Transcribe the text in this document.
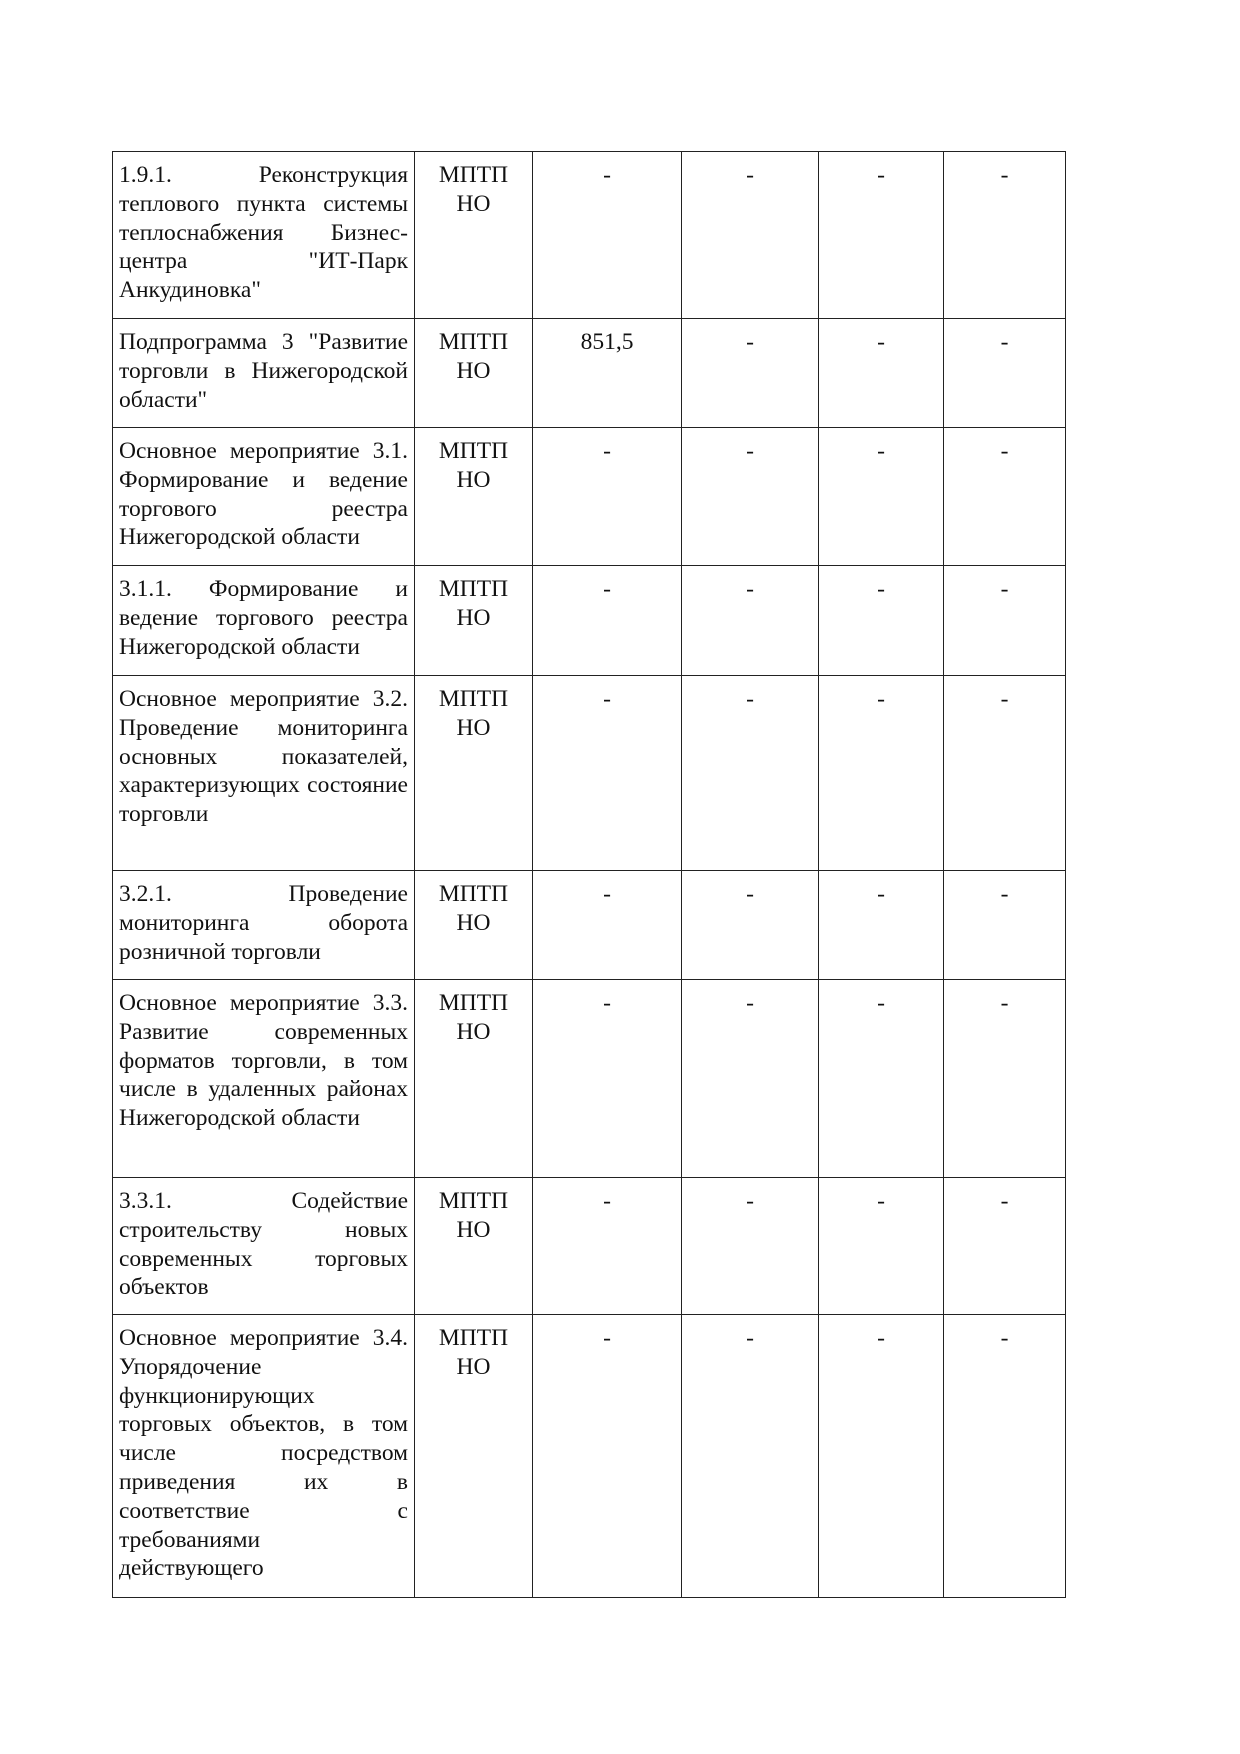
1.9.1. Реконструкция теплового пункта системы теплоснабжения Бизнес-центра "ИТ-Парк Анкудиновка"	МПТП НО	-	-	-	-
Подпрограмма 3 "Развитие торговли в Нижегородской области"	МПТП НО	851,5	-	-	-
Основное мероприятие 3.1. Формирование и ведение торгового реестра Нижегородской области	МПТП НО	-	-	-	-
3.1.1. Формирование и ведение торгового реестра Нижегородской области	МПТП НО	-	-	-	-
Основное мероприятие 3.2. Проведение мониторинга основных показателей, характеризующих состояние торговли	МПТП НО	-	-	-	-
3.2.1. Проведение мониторинга оборота розничной торговли	МПТП НО	-	-	-	-
Основное мероприятие 3.3. Развитие современных форматов торговли, в том числе в удаленных районах Нижегородской области	МПТП НО	-	-	-	-
3.3.1. Содействие строительству новых современных торговых объектов	МПТП НО	-	-	-	-
Основное мероприятие 3.4. Упорядочение функционирующих торговых объектов, в том числе посредством приведения их в соответствие с требованиями действующего	МПТП НО	-	-	-	-
